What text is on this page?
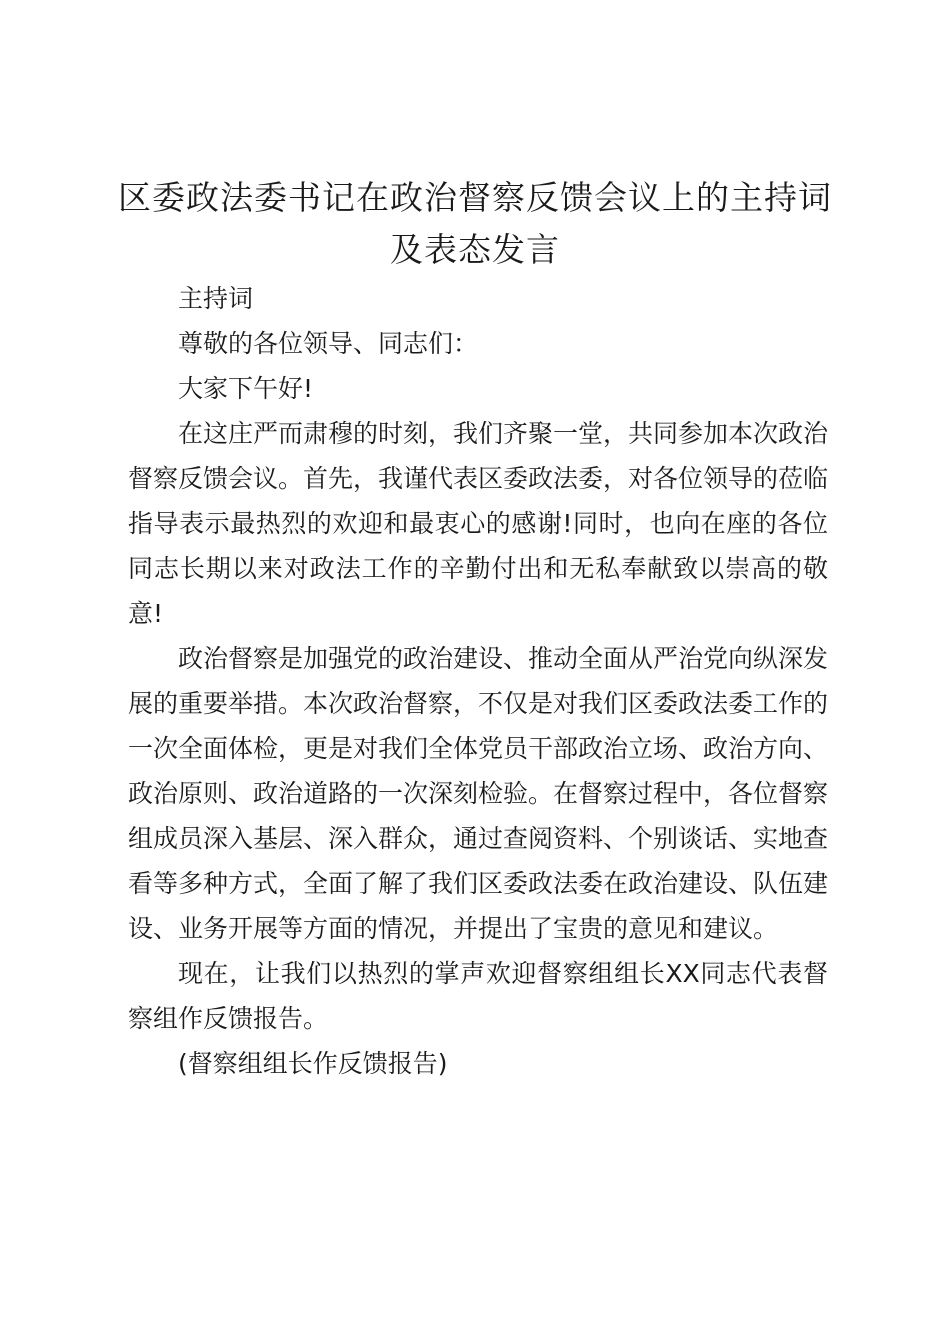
区委政法委书记在政治督察反馈会议上的主持词及表态发言

主持词

尊敬的各位领导、同志们：

大家下午好!

在这庄严而肃穆的时刻，我们齐聚一堂，共同参加本次政治督察反馈会议。首先，我谨代表区委政法委，对各位领导的莅临指导表示最热烈的欢迎和最衷心的感谢!同时，也向在座的各位同志长期以来对政法工作的辛勤付出和无私奉献致以崇高的敬意!

政治督察是加强党的政治建设、推动全面从严治党向纵深发展的重要举措。本次政治督察，不仅是对我们区委政法委工作的一次全面体检，更是对我们全体党员干部政治立场、政治方向、政治原则、政治道路的一次深刻检验。在督察过程中，各位督察组成员深入基层、深入群众，通过查阅资料、个别谈话、实地查看等多种方式，全面了解了我们区委政法委在政治建设、队伍建设、业务开展等方面的情况，并提出了宝贵的意见和建议。

现在，让我们以热烈的掌声欢迎督察组组长XX同志代表督察组作反馈报告。

(督察组组长作反馈报告)
